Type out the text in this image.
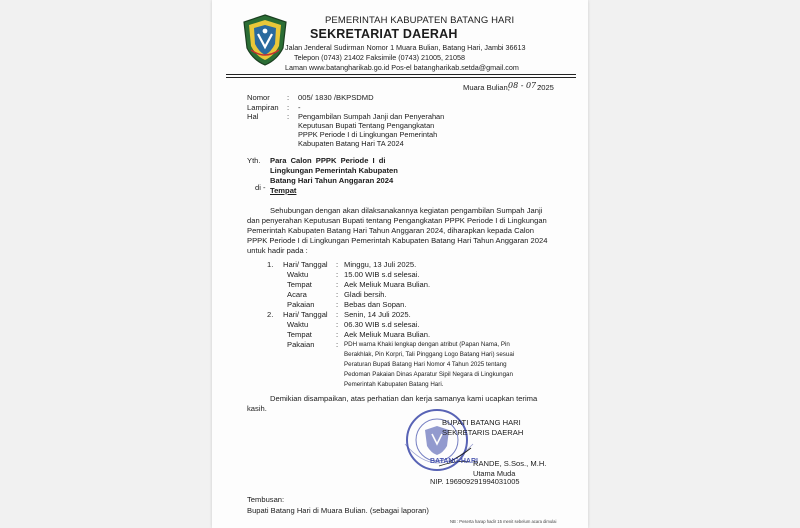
PEMERINTAH KABUPATEN BATANG HARI
SEKRETARIAT DAERAH
Jalan Jenderal Sudirman Nomor 1 Muara Bulian, Batang Hari, Jambi 36613
Telepon (0743) 21402 Faksimile (0743) 21005, 21058
Laman www.batangharikab.go.id Pos-el batangharikab.setda@gmail.com
Muara Bulian,
08 - 07 -
2025
Nomor : 005/ 1830 /BKPSDMD
Lampiran : -
Hal	: Pengambilan Sumpah Janji dan Penyerahan
Keputusan Bupati Tentang Pengangkatan
PPPK Periode I di Lingkungan Pemerintah
Kabupaten Batang Hari TA 2024
Yth. Para Calon PPPK Periode I di
Lingkungan Pemerintah Kabupaten
Batang Hari Tahun Anggaran 2024
di - Tempat
Sehubungan dengan akan dilaksanakannya kegiatan pengambilan Sumpah Janji
dan penyerahan Keputusan Bupati tentang Pengangkatan PPPK Periode I di Lingkungan
Pemerintah Kabupaten Batang Hari Tahun Anggaran 2024, diharapkan kepada Calon
PPPK Periode I di Lingkungan Pemerintah Kabupaten Batang Hari Tahun Anggaran 2024
untuk hadir pada :
1. Hari/ Tanggal : Minggu, 13 Juli 2025.
Waktu	: 15.00 WIB s.d selesai.
Tempat	: Aek Meliuk Muara Bulian.
Acara	: Gladi bersih.
Pakaian	: Bebas dan Sopan.
2. Hari/ Tanggal : Senin, 14 Juli 2025.
Waktu	: 06.30 WIB s.d selesai.
Tempat	: Aek Meliuk Muara Bulian.
Pakaian	: PDH warna Khaki lengkap dengan atribut (Papan Nama, Pin
Berakhlak, Pin Korpri, Tali Pinggang Logo Batang Hari) sesuai
Peraturan Bupati Batang Hari Nomor 4 Tahun 2025 tentang
Pedoman Pakaian Dinas Aparatur Sipil Negara di Lingkungan
Pemerintah Kabupaten Batang Hari.
Demikian disampaikan, atas perhatian dan kerja samanya kami ucapkan terima
kasih.
BATANG HARI
BUPATI BATANG HARI
SEKRETARIS DAERAH
RANDE, S.Sos., M.H.
Utama Muda
NIP. 196909291994031005
Tembusan:
Bupati Batang Hari di Muara Bulian. (sebagai laporan)
NB : Peserta harap hadir 15 menit sebelum acara dimulai
